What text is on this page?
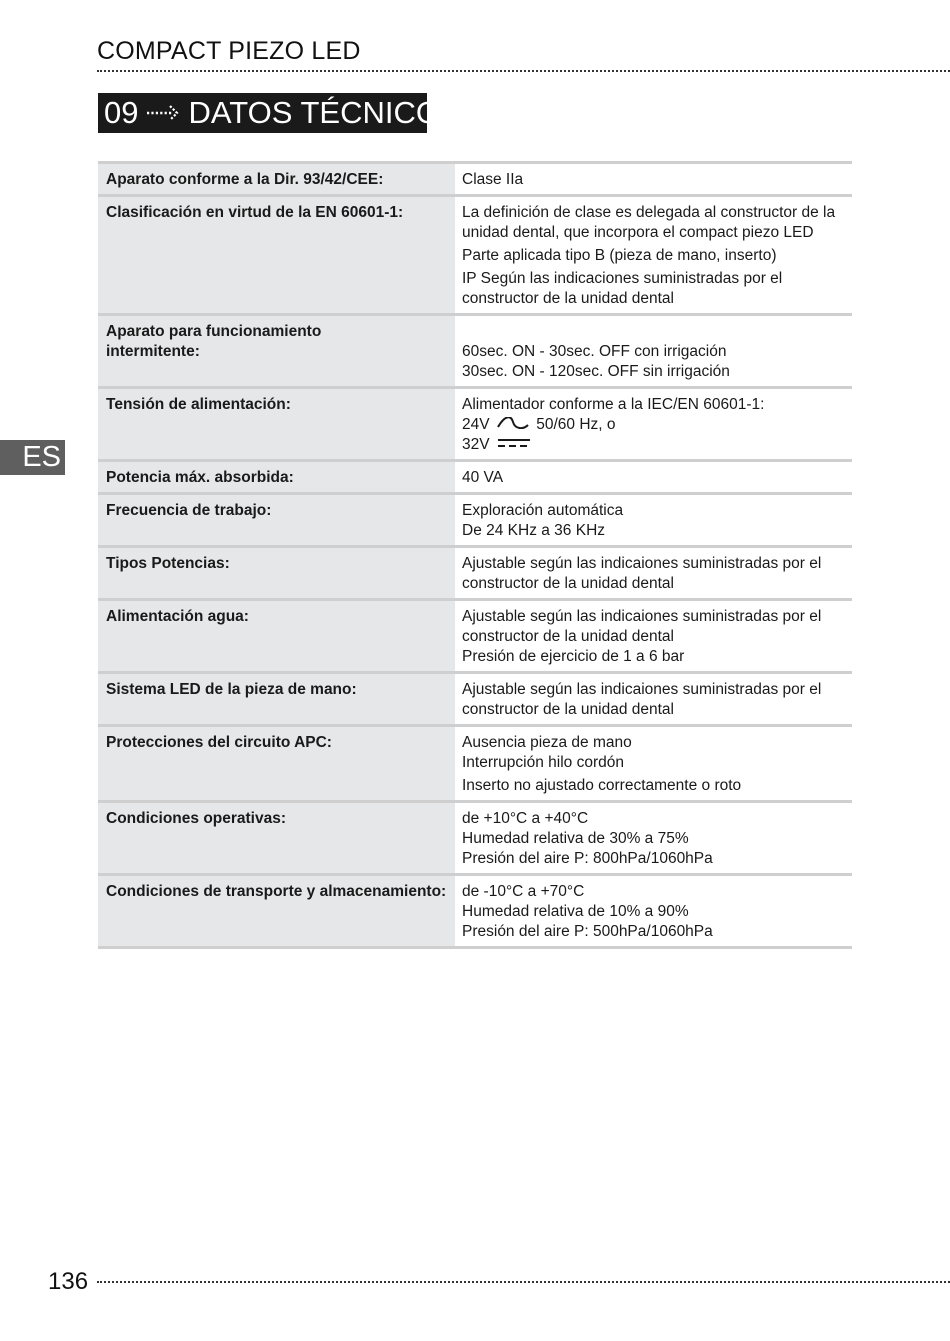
COMPACT PIEZO LED
09 DATOS TÉCNICOS
ES
Aparato conforme a la Dir. 93/42/CEE:	Clase IIa

Clasificación en virtud de la EN 60601-1:	La definición de clase es delegada al constructor de la
unidad dental, que incorpora el compact piezo LED
Parte aplicada tipo B (pieza de mano, inserto)
IP Según las indicaciones suministradas por el
constructor de la unidad dental

Aparato para funcionamiento
intermitente:	60sec. ON - 30sec. OFF con irrigación
30sec. ON - 120sec. OFF sin irrigación

Tensión de alimentación:	Alimentador conforme a la IEC/EN 60601-1:
24V 50/60 Hz, o
32V

Potencia máx. absorbida:	40 VA

Frecuencia de trabajo:	Exploración automática
De 24 KHz a 36 KHz

Tipos Potencias:	Ajustable según las indicaiones suministradas por el
constructor de la unidad dental

Alimentación agua:	Ajustable según las indicaiones suministradas por el
constructor de la unidad dental
Presión de ejercicio de 1 a 6 bar

Sistema LED de la pieza de mano:	Ajustable según las indicaiones suministradas por el
constructor de la unidad dental

Protecciones del circuito APC:	Ausencia pieza de mano
Interrupción hilo cordón
Inserto no ajustado correctamente o roto

Condiciones operativas:	de +10°C a +40°C
Humedad relativa de 30% a 75%
Presión del aire P: 800hPa/1060hPa

Condiciones de transporte y almacenamiento:	de -10°C a +70°C
Humedad relativa de 10% a 90%
Presión del aire P: 500hPa/1060hPa
136
